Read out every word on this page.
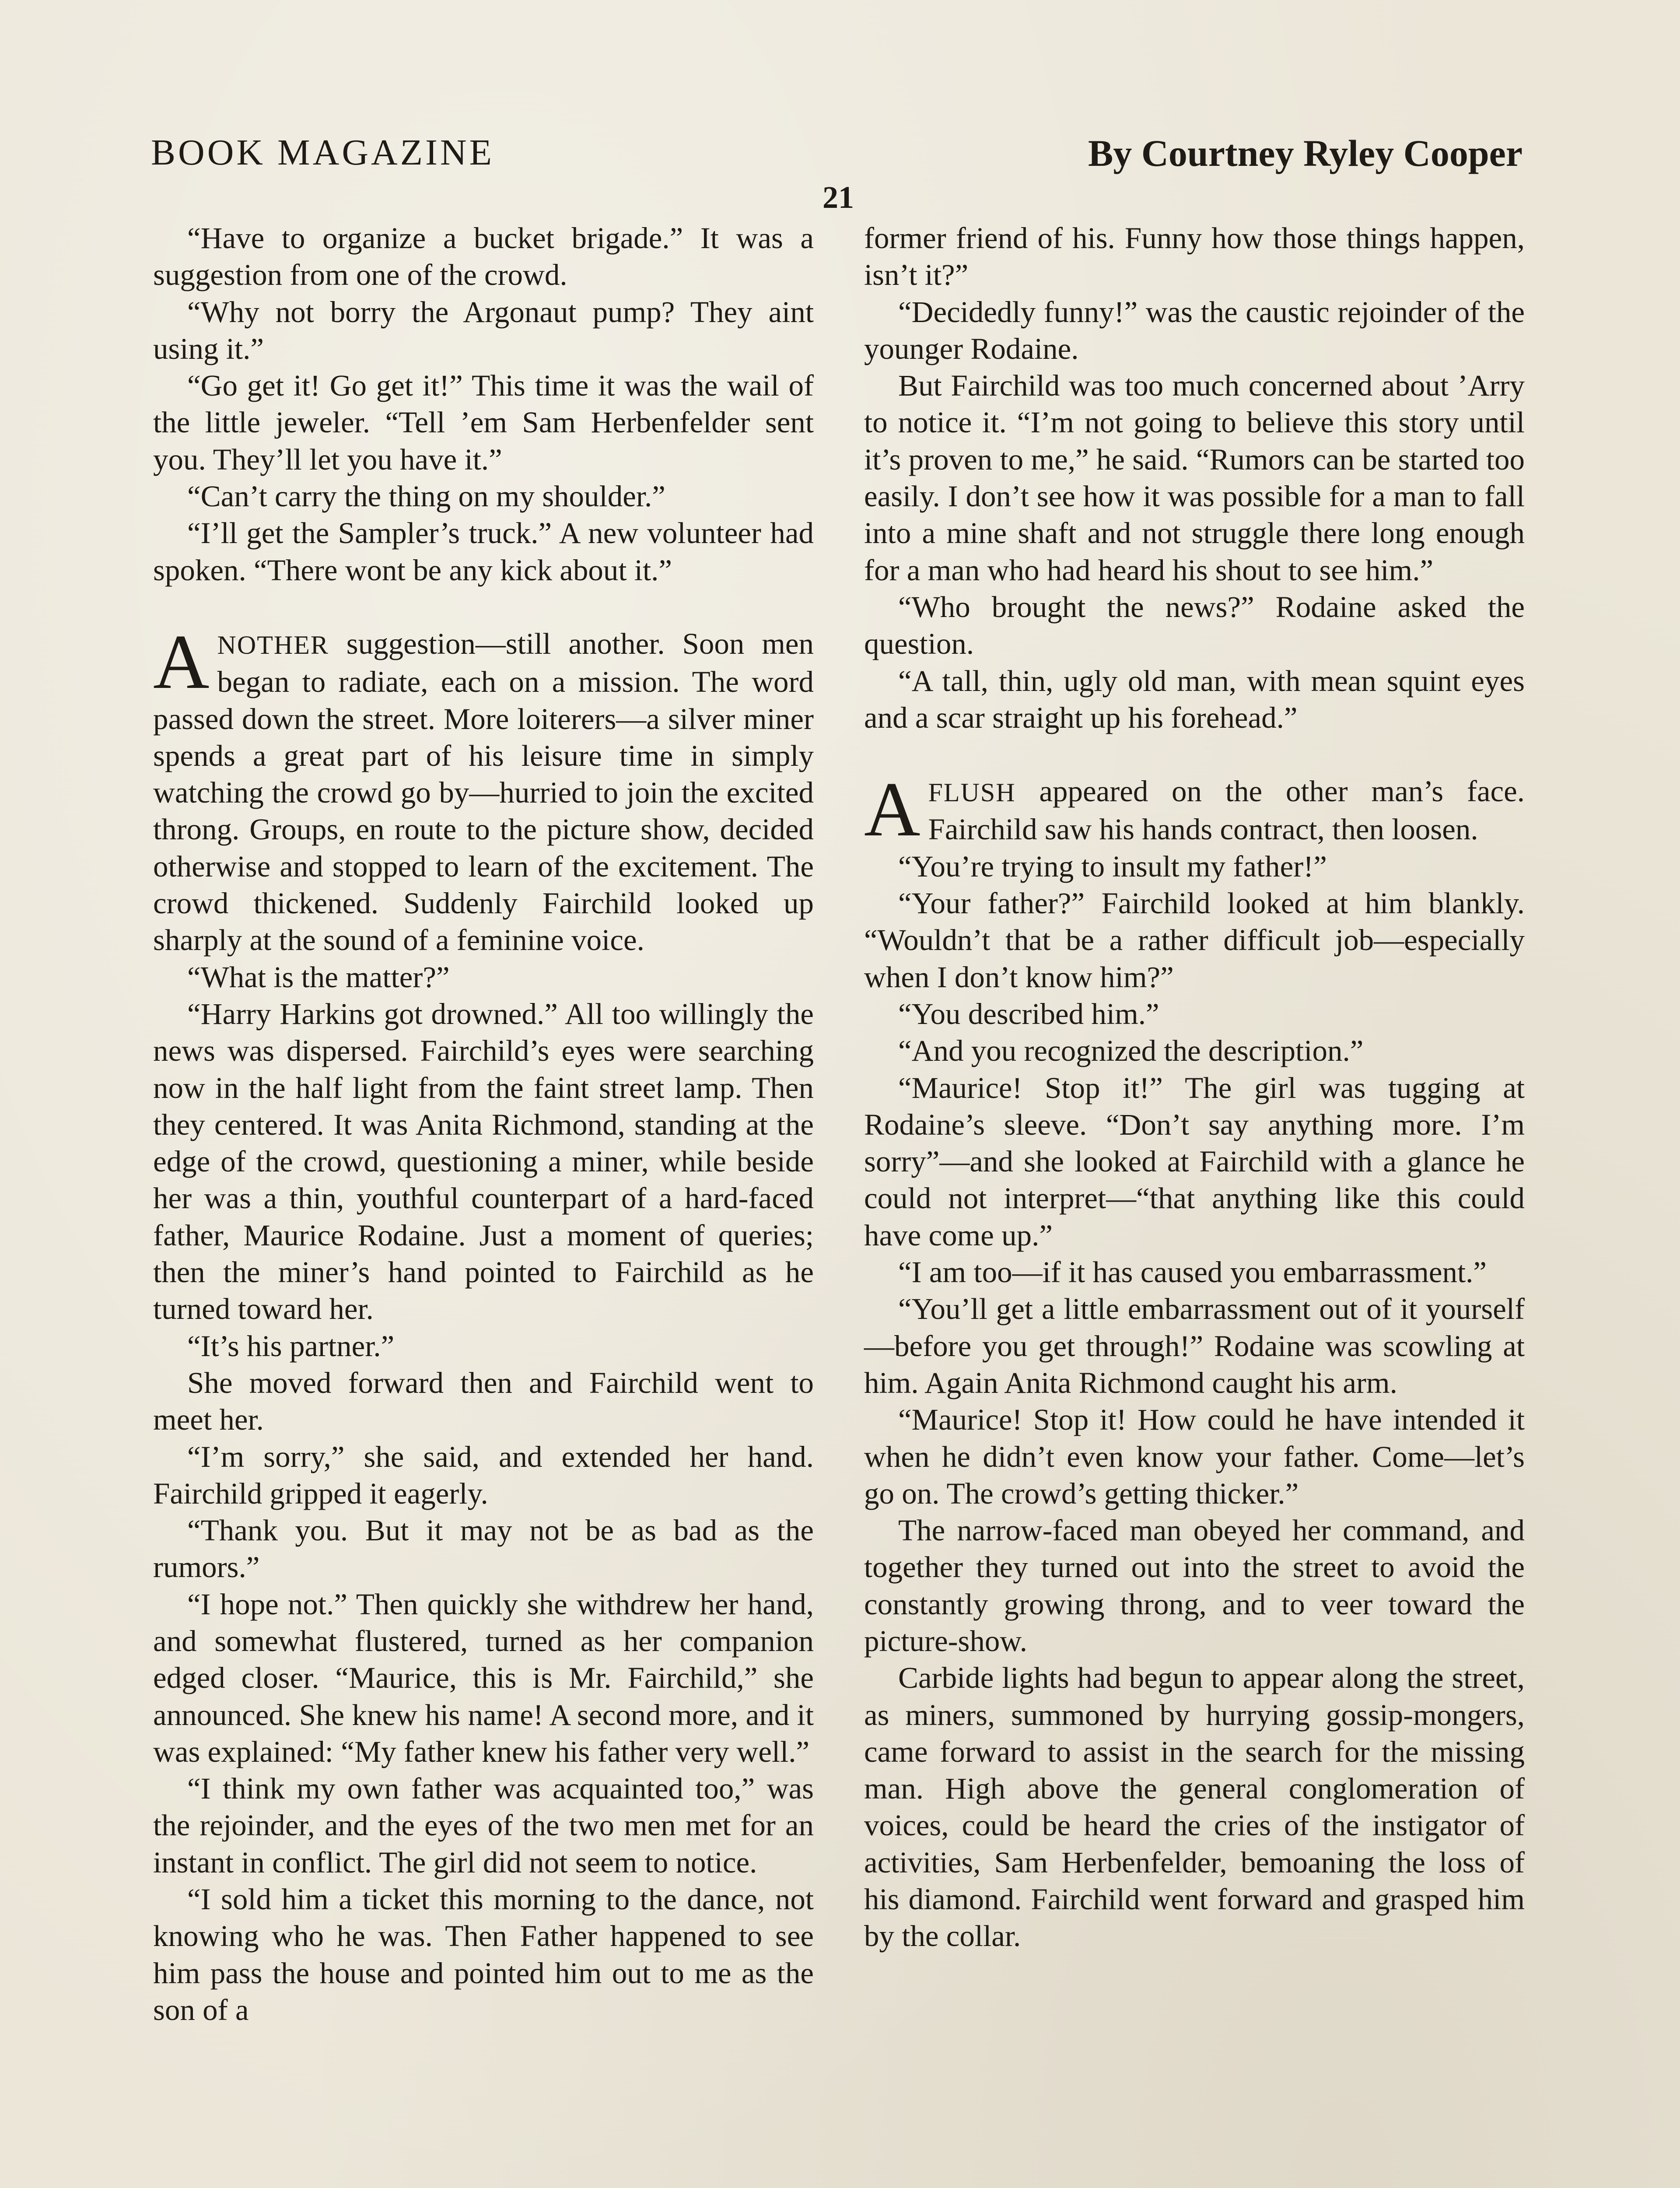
BOOK MAGAZINE	By Courtney Ryley Cooper
21

“Have to organize a bucket brigade.” It was a suggestion from one of the crowd.

“Why not borry the Argonaut pump? They aint using it.”

“Go get it! Go get it!” This time it was the wail of the little jeweler. “Tell ’em Sam Herbenfelder sent you. They’ll let you have it.”

“Can’t carry the thing on my shoulder.”

“I’ll get the Sampler’s truck.” A new volunteer had spoken. “There wont be any kick about it.”

ANOTHER suggestion—still another. Soon men began to radiate, each on a mission. The word passed down the street. More loiterers—a silver miner spends a great part of his leisure time in simply watching the crowd go by—hurried to join the excited throng. Groups, en route to the picture show, decided otherwise and stopped to learn of the excitement. The crowd thickened. Suddenly Fairchild looked up sharply at the sound of a feminine voice.

“What is the matter?”

“Harry Harkins got drowned.” All too willingly the news was dispersed. Fairchild’s eyes were searching now in the half light from the faint street lamp. Then they centered. It was Anita Richmond, standing at the edge of the crowd, questioning a miner, while beside her was a thin, youthful counterpart of a hard-faced father, Maurice Rodaine. Just a moment of queries; then the miner’s hand pointed to Fairchild as he turned toward her.

“It’s his partner.”

She moved forward then and Fairchild went to meet her.

“I’m sorry,” she said, and extended her hand. Fairchild gripped it eagerly.

“Thank you. But it may not be as bad as the rumors.”

“I hope not.” Then quickly she withdrew her hand, and somewhat flustered, turned as her companion edged closer. “Maurice, this is Mr. Fairchild,” she announced. She knew his name! A second more, and it was explained: “My father knew his father very well.”

“I think my own father was acquainted too,” was the rejoinder, and the eyes of the two men met for an instant in conflict. The girl did not seem to notice.

“I sold him a ticket this morning to the dance, not knowing who he was. Then Father happened to see him pass the house and pointed him out to me as the son of a

former friend of his. Funny how those things happen, isn’t it?”

“Decidedly funny!” was the caustic rejoinder of the younger Rodaine.

But Fairchild was too much concerned about ’Arry to notice it. “I’m not going to believe this story until it’s proven to me,” he said. “Rumors can be started too easily. I don’t see how it was possible for a man to fall into a mine shaft and not struggle there long enough for a man who had heard his shout to see him.”

“Who brought the news?” Rodaine asked the question.

“A tall, thin, ugly old man, with mean squint eyes and a scar straight up his forehead.”

AFLUSH appeared on the other man’s face. Fairchild saw his hands contract, then loosen.

“You’re trying to insult my father!”

“Your father?” Fairchild looked at him blankly. “Wouldn’t that be a rather difficult job—especially when I don’t know him?”

“You described him.”

“And you recognized the description.”

“Maurice! Stop it!” The girl was tugging at Rodaine’s sleeve. “Don’t say anything more. I’m sorry”—and she looked at Fairchild with a glance he could not interpret—“that anything like this could have come up.”

“I am too—if it has caused you embarrassment.”

“You’ll get a little embarrassment out of it yourself—before you get through!” Rodaine was scowling at him. Again Anita Richmond caught his arm.

“Maurice! Stop it! How could he have intended it when he didn’t even know your father. Come—let’s go on. The crowd’s getting thicker.”

The narrow-faced man obeyed her command, and together they turned out into the street to avoid the constantly growing throng, and to veer toward the picture-show.

Carbide lights had begun to appear along the street, as miners, summoned by hurrying gossip-mongers, came forward to assist in the search for the missing man. High above the general conglomeration of voices, could be heard the cries of the instigator of activities, Sam Herbenfelder, bemoaning the loss of his diamond. Fairchild went forward and grasped him by the collar.
